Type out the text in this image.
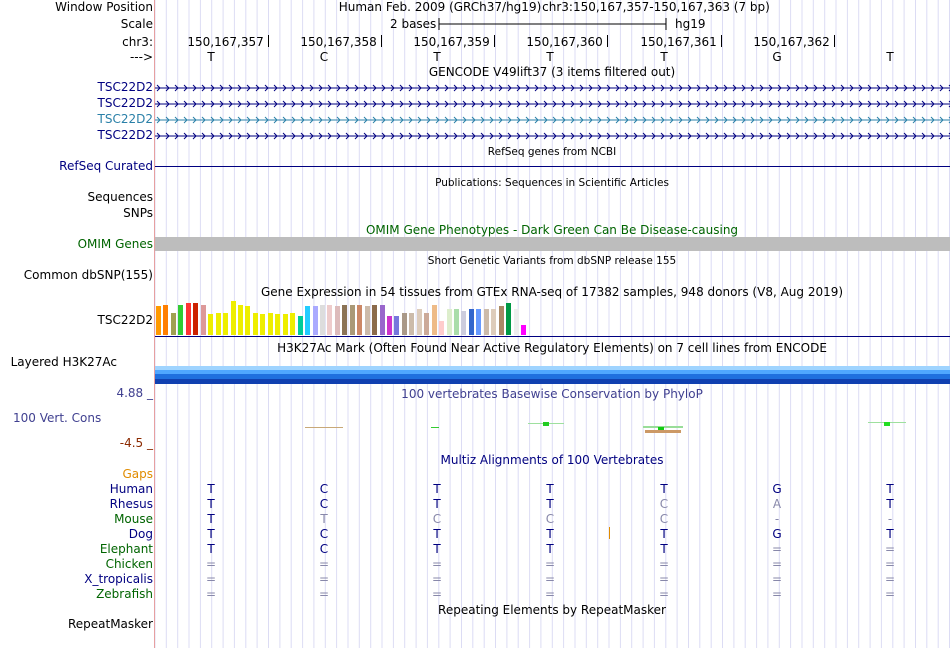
Window Position	Human Feb. 2009 (GRCh37/hg19) chr3:150,167,357-150,167,363 (7 bp)
Scale	2 bases	hg19
chr3:	150,167,357	150,167,358	150,167,359	150,167,360	150,167,361	150,167,362
--->	T	C	T	T	T	G	T
GENCODE V49lift37 (3 items filtered out)
TSC22D2
TSC22D2
TSC22D2
TSC22D2
RefSeq genes from NCBI
RefSeq Curated
Publications: Sequences in Scientific Articles
Sequences
SNPs
OMIM Gene Phenotypes - Dark Green Can Be Disease-causing
OMIM Genes
Short Genetic Variants from dbSNP release 155
Common dbSNP(155)
Gene Expression in 54 tissues from GTEx RNA-seq of 17382 samples, 948 donors (V8, Aug 2019)
TSC22D2
H3K27Ac Mark (Often Found Near Active Regulatory Elements) on 7 cell lines from ENCODE
Layered H3K27Ac
100 vertebrates Basewise Conservation by PhyloP
4.88 _
100 Vert. Cons
-4.5 _
Multiz Alignments of 100 Vertebrates
Gaps
Human	T	C	T	T	T	G	T
Rhesus	T	C	T	T	C	A	T
Mouse	T	T	C	C	C	-	-
Dog	T	C	T	T	T	G	T
Elephant	T	C	T	T	T	=	=
Chicken	=	=	=	=	=	=	=
X_tropicalis	=	=	=	=	=	=	=
Zebrafish	=	=	=	=	=	=	=
Repeating Elements by RepeatMasker
RepeatMasker
